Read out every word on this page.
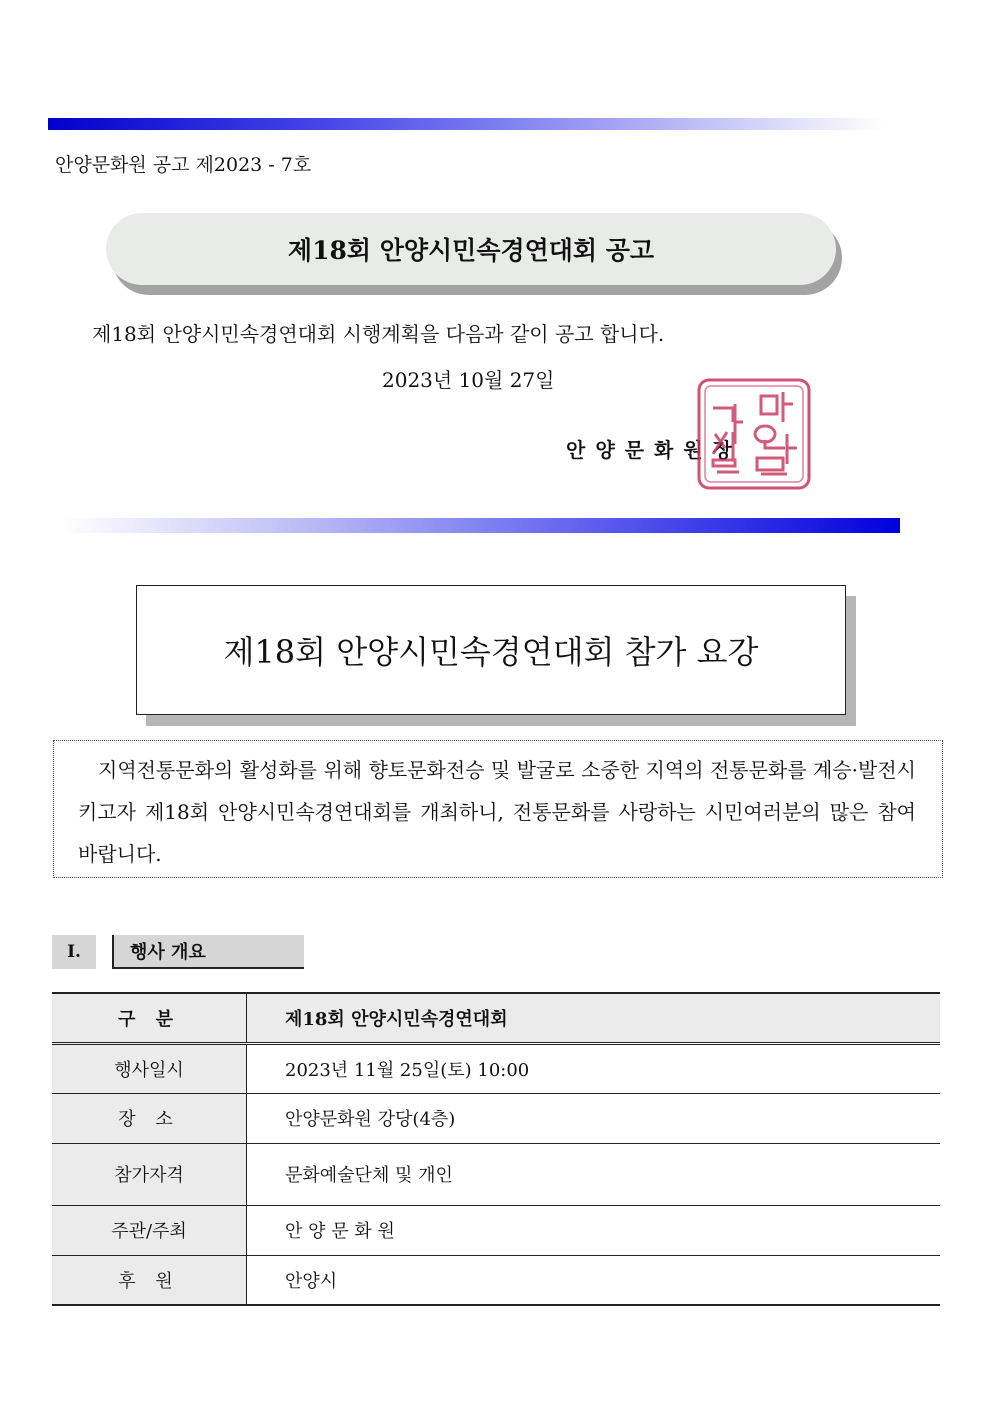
안양문화원 공고 제2023 - 7호
제18회 안양시민속경연대회 공고
제18회 안양시민속경연대회 시행계획을 다음과 같이 공고 합니다.
2023년 10월 27일
안양문화원장
제18회 안양시민속경연대회 참가 요강
지역전통문화의 활성화를 위해 향토문화전승 및 발굴로 소중한 지역의 전통문화를 계승·발전시키고자 제18회 안양시민속경연대회를 개최하니, 전통문화를 사랑하는 시민여러분의 많은 참여 바랍니다.
Ⅰ.	행사 개요
구 분	제18회 안양시민속경연대회
행사일시	2023년 11월 25일(토) 10:00
장 소	안양문화원 강당(4층)
참가자격	문화예술단체 및 개인
주관/주최	안 양 문 화 원
후 원	안양시
